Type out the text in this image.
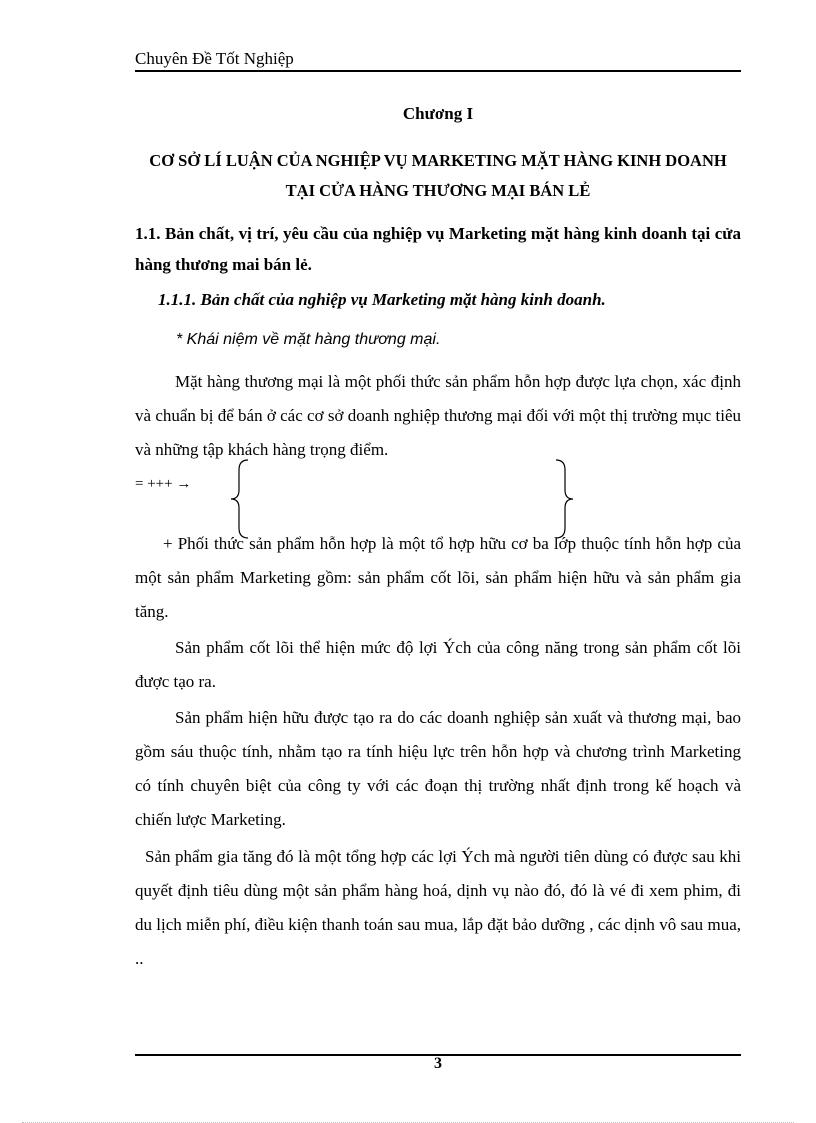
Chuyên Đề Tốt Nghiệp
Chương I
CƠ SỞ LÍ LUẬN CỦA NGHIỆP VỤ MARKETING MẶT HÀNG KINH DOANH TẠI CỬA HÀNG THƯƠNG MẠI BÁN LẺ
1.1. Bản chất, vị trí, yêu cầu của nghiệp vụ Marketing mặt hàng kinh doanh tại cửa hàng thương mai bán lẻ.
1.1.1. Bản chất của nghiệp vụ Marketing mặt hàng kinh doanh.
* Khái niệm về mặt hàng thương mại.
Mặt hàng thương mại là một phối thức sản phẩm hỗn hợp được lựa chọn, xác định và chuẩn bị để bán ở các cơ sở doanh nghiệp thương mại đối với một thị trường mục tiêu và những tập khách hàng trọng điểm.
= +++ →
+ Phối thức sản phẩm hỗn hợp là một tổ hợp hữu cơ ba lớp thuộc tính hỗn hợp của một sản phẩm Marketing gồm: sản phẩm cốt lõi, sản phẩm hiện hữu và sản phẩm gia tăng.
Sản phẩm cốt lõi thể hiện mức độ lợi Ých của công năng trong sản phẩm cốt lõi được tạo ra.
Sản phẩm hiện hữu được tạo ra do các doanh nghiệp sản xuất và thương mại, bao gồm sáu thuộc tính, nhằm tạo ra tính hiệu lực trên hỗn hợp và chương trình Marketing có tính chuyên biệt của công ty với các đoạn thị trường nhất định trong kế hoạch và chiến lược Marketing.
Sản phẩm gia tăng đó là một tổng hợp các lợi Ých mà người tiên dùng có được sau khi quyết định tiêu dùng một sản phẩm hàng hoá, dịnh vụ nào đó, đó là vé đi xem phim, đi du lịch miễn phí, điều kiện thanh toán sau mua, lắp đặt bảo dưỡng , các dịnh vô sau mua, ..
3
